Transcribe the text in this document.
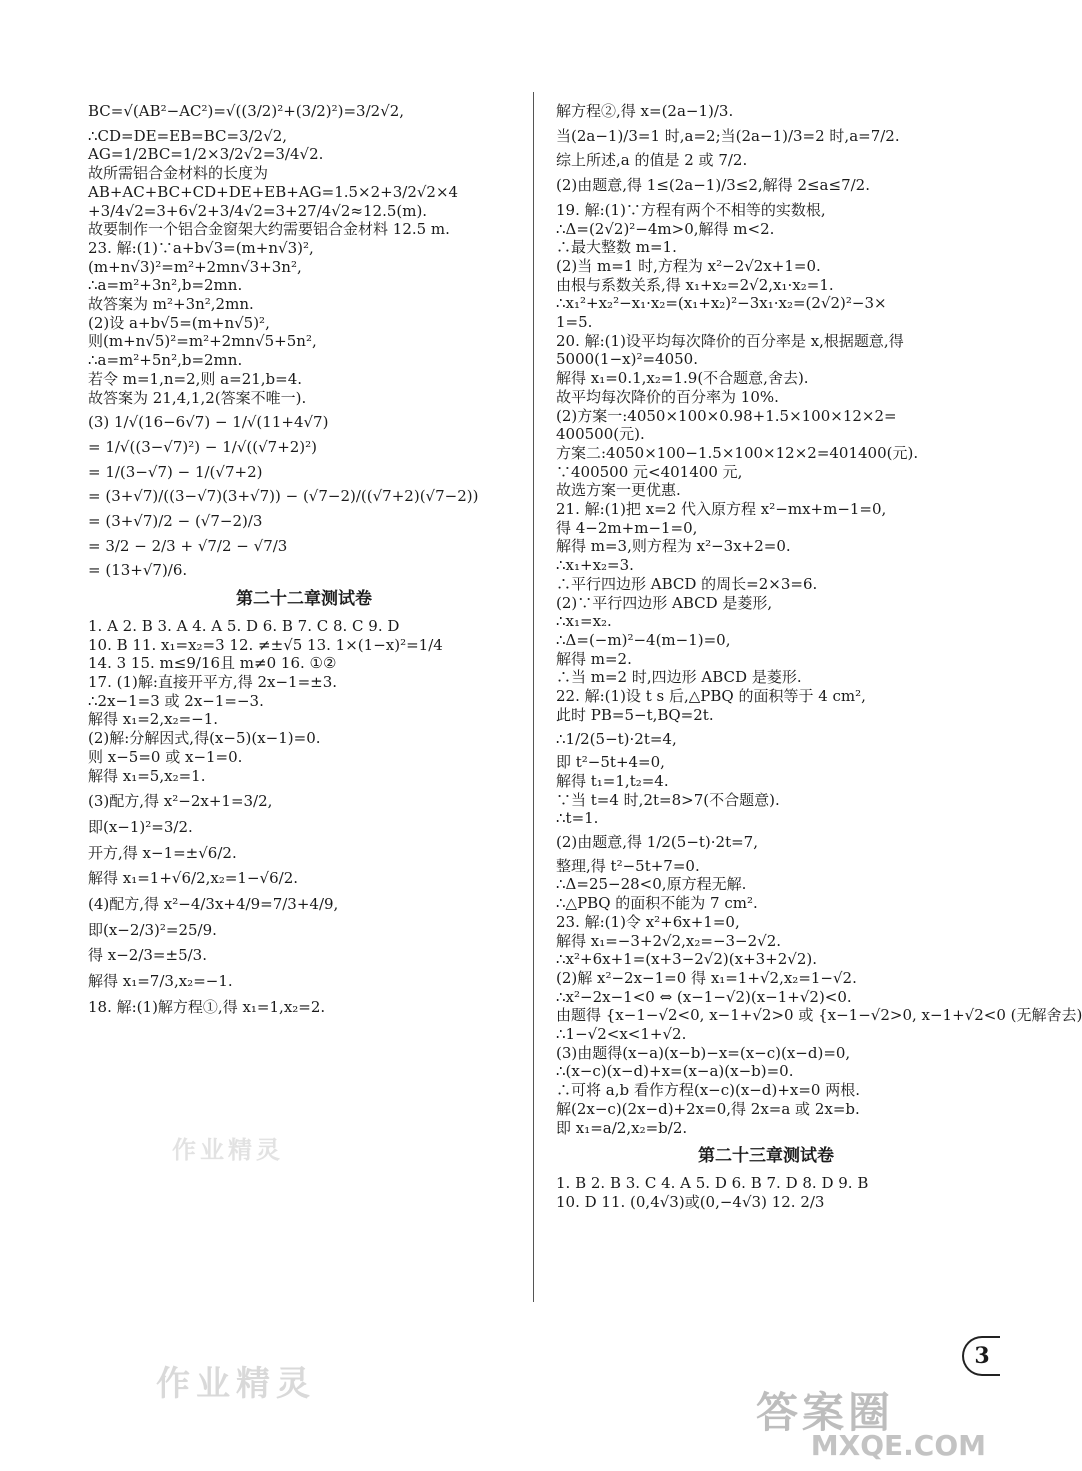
BC=√(AB²−AC²)=√((3/2)²+(3/2)²)=3/2√2,
∴CD=DE=EB=BC=3/2√2,
AG=1/2BC=1/2×3/2√2=3/4√2.
故所需铝合金材料的长度为
AB+AC+BC+CD+DE+EB+AG=1.5×2+3/2√2×4
+3/4√2=3+6√2+3/4√2=3+27/4√2≈12.5(m).
故要制作一个铝合金窗架大约需要铝合金材料 12.5 m.
23. 解:(1)∵a+b√3=(m+n√3)²,
(m+n√3)²=m²+2mn√3+3n²,
∴a=m²+3n²,b=2mn.
故答案为 m²+3n²,2mn.
(2)设 a+b√5=(m+n√5)²,
则(m+n√5)²=m²+2mn√5+5n²,
∴a=m²+5n²,b=2mn.
若令 m=1,n=2,则 a=21,b=4.
故答案为 21,4,1,2(答案不唯一).
(3) 1/√(16−6√7) − 1/√(11+4√7)
= 1/√((3−√7)²) − 1/√((√7+2)²)
= 1/(3−√7) − 1/(√7+2)
= (3+√7)/((3−√7)(3+√7)) − (√7−2)/((√7+2)(√7−2))
= (3+√7)/2 − (√7−2)/3
= 3/2 − 2/3 + √7/2 − √7/3
= (13+√7)/6.
第二十二章测试卷
1. A 2. B 3. A 4. A 5. D 6. B 7. C 8. C 9. D
10. B 11. x₁=x₂=3 12. ≠±√5 13. 1×(1−x)²=1/4
14. 3 15. m≤9/16且 m≠0 16. ①②
17. (1)解:直接开平方,得 2x−1=±3.
∴2x−1=3 或 2x−1=−3.
解得 x₁=2,x₂=−1.
(2)解:分解因式,得(x−5)(x−1)=0.
则 x−5=0 或 x−1=0.
解得 x₁=5,x₂=1.
(3)配方,得 x²−2x+1=3/2,
即(x−1)²=3/2.
开方,得 x−1=±√6/2.
解得 x₁=1+√6/2,x₂=1−√6/2.
(4)配方,得 x²−4/3x+4/9=7/3+4/9,
即(x−2/3)²=25/9.
得 x−2/3=±5/3.
解得 x₁=7/3,x₂=−1.
18. 解:(1)解方程①,得 x₁=1,x₂=2.
解方程②,得 x=(2a−1)/3.
当(2a−1)/3=1 时,a=2;当(2a−1)/3=2 时,a=7/2.
综上所述,a 的值是 2 或 7/2.
(2)由题意,得 1≤(2a−1)/3≤2,解得 2≤a≤7/2.
19. 解:(1)∵方程有两个不相等的实数根,
∴Δ=(2√2)²−4m>0,解得 m<2.
∴最大整数 m=1.
(2)当 m=1 时,方程为 x²−2√2x+1=0.
由根与系数关系,得 x₁+x₂=2√2,x₁·x₂=1.
∴x₁²+x₂²−x₁·x₂=(x₁+x₂)²−3x₁·x₂=(2√2)²−3×
1=5.
20. 解:(1)设平均每次降价的百分率是 x,根据题意,得
5000(1−x)²=4050.
解得 x₁=0.1,x₂=1.9(不合题意,舍去).
故平均每次降价的百分率为 10%.
(2)方案一:4050×100×0.98+1.5×100×12×2=
400500(元).
方案二:4050×100−1.5×100×12×2=401400(元).
∵400500 元<401400 元,
故选方案一更优惠.
21. 解:(1)把 x=2 代入原方程 x²−mx+m−1=0,
得 4−2m+m−1=0,
解得 m=3,则方程为 x²−3x+2=0.
∴x₁+x₂=3.
∴平行四边形 ABCD 的周长=2×3=6.
(2)∵平行四边形 ABCD 是菱形,
∴x₁=x₂.
∴Δ=(−m)²−4(m−1)=0,
解得 m=2.
∴当 m=2 时,四边形 ABCD 是菱形.
22. 解:(1)设 t s 后,△PBQ 的面积等于 4 cm²,
此时 PB=5−t,BQ=2t.
∴1/2(5−t)·2t=4,
即 t²−5t+4=0,
解得 t₁=1,t₂=4.
∵当 t=4 时,2t=8>7(不合题意).
∴t=1.
(2)由题意,得 1/2(5−t)·2t=7,
整理,得 t²−5t+7=0.
∴Δ=25−28<0,原方程无解.
∴△PBQ 的面积不能为 7 cm².
23. 解:(1)令 x²+6x+1=0,
解得 x₁=−3+2√2,x₂=−3−2√2.
∴x²+6x+1=(x+3−2√2)(x+3+2√2).
(2)解 x²−2x−1=0 得 x₁=1+√2,x₂=1−√2.
∴x²−2x−1<0 ⇔ (x−1−√2)(x−1+√2)<0.
由题得 {x−1−√2<0, x−1+√2>0 或 {x−1−√2>0, x−1+√2<0 (无解舍去)
∴1−√2<x<1+√2.
(3)由题得(x−a)(x−b)−x=(x−c)(x−d)=0,
∴(x−c)(x−d)+x=(x−a)(x−b)=0.
∴可将 a,b 看作方程(x−c)(x−d)+x=0 两根.
解(2x−c)(2x−d)+2x=0,得 2x=a 或 2x=b.
即 x₁=a/2,x₂=b/2.
第二十三章测试卷
1. B 2. B 3. C 4. A 5. D 6. B 7. D 8. D 9. B
10. D 11. (0,4√3)或(0,−4√3) 12. 2/3
3
作业精灵
作业精灵
答案圈
MXQE.COM
